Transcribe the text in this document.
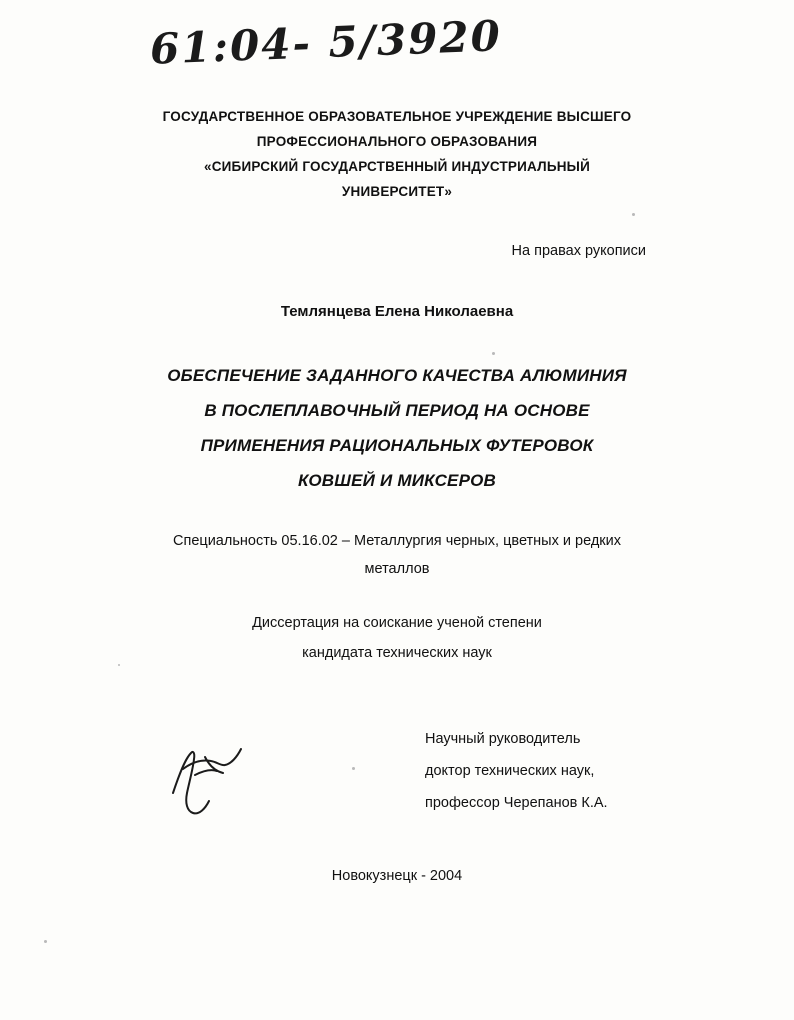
61:04- 5/3920
ГОСУДАРСТВЕННОЕ ОБРАЗОВАТЕЛЬНОЕ УЧРЕЖДЕНИЕ ВЫСШЕГО
ПРОФЕССИОНАЛЬНОГО ОБРАЗОВАНИЯ
«СИБИРСКИЙ ГОСУДАРСТВЕННЫЙ ИНДУСТРИАЛЬНЫЙ
УНИВЕРСИТЕТ»
На правах рукописи
Темлянцева Елена Николаевна
ОБЕСПЕЧЕНИЕ ЗАДАННОГО КАЧЕСТВА АЛЮМИНИЯ
В ПОСЛЕПЛАВОЧНЫЙ ПЕРИОД НА ОСНОВЕ
ПРИМЕНЕНИЯ РАЦИОНАЛЬНЫХ ФУТЕРОВОК
КОВШЕЙ И МИКСЕРОВ
Специальность 05.16.02 – Металлургия черных, цветных и редких
металлов
Диссертация на соискание ученой степени
кандидата технических наук
Научный руководитель
доктор технических наук,
профессор Черепанов К.А.
Новокузнецк - 2004
